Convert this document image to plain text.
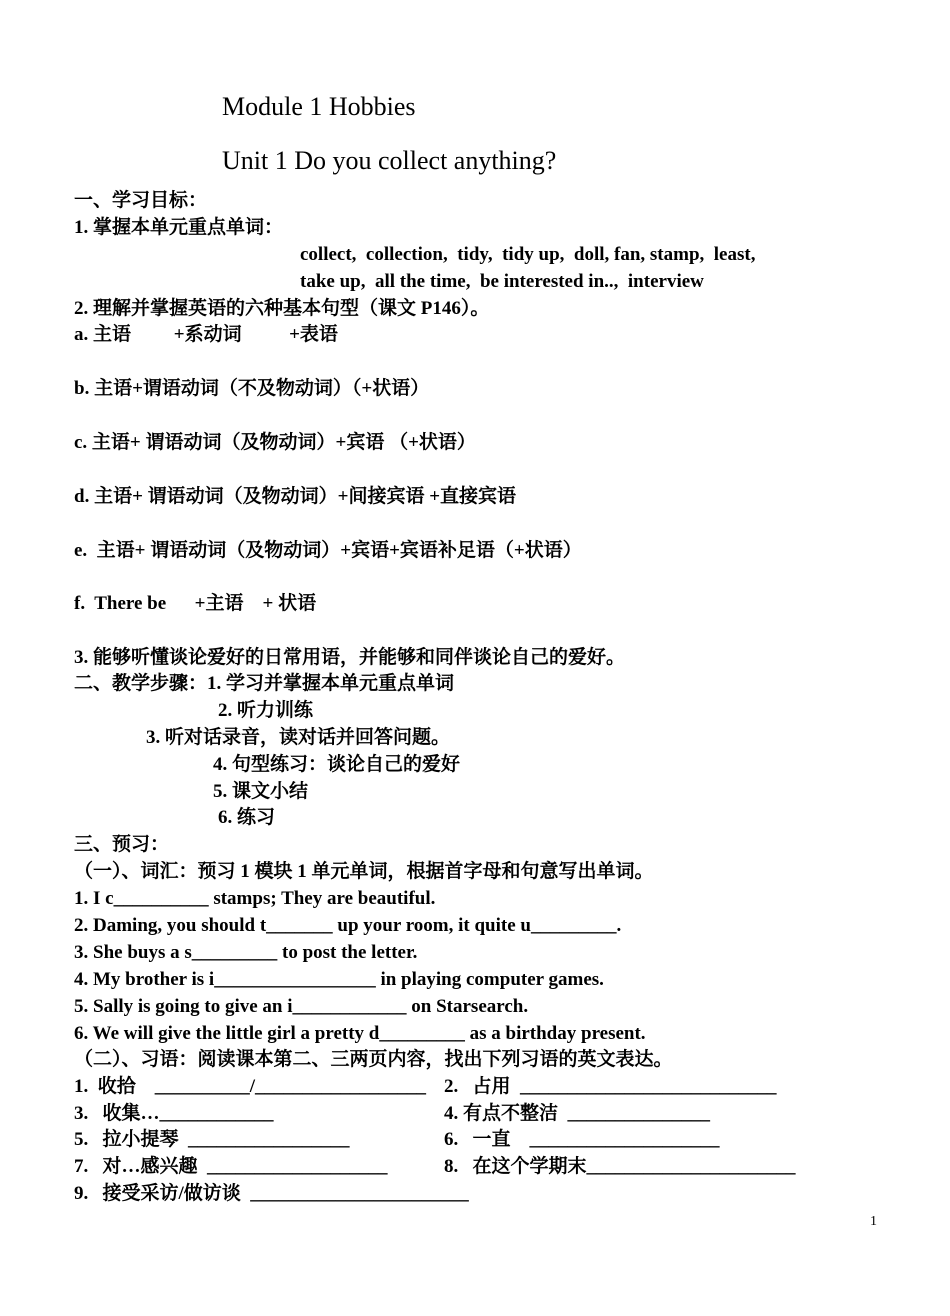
Module 1 Hobbies
Unit 1 Do you collect anything?
一、学习目标：
1. 掌握本单元重点单词：
collect,  collection,  tidy,  tidy up,  doll, fan, stamp,  least,
take up,  all the time,  be interested in..,  interview
2. 理解并掌握英语的六种基本句型（课文 P146）。
a. 主语         +系动词          +表语
b. 主语+谓语动词（不及物动词）（+状语）
c. 主语+ 谓语动词（及物动词）+宾语 （+状语）
d. 主语+ 谓语动词（及物动词）+间接宾语 +直接宾语
e.  主语+ 谓语动词（及物动词）+宾语+宾语补足语（+状语）
f.  There be      +主语    + 状语
3. 能够听懂谈论爱好的日常用语，并能够和同伴谈论自己的爱好。
二、教学步骤：1. 学习并掌握本单元重点单词
2. 听力训练
3. 听对话录音，读对话并回答问题。
4. 句型练习：谈论自己的爱好
5. 课文小结
6. 练习
三、预习：
（一）、词汇：预习 1 模块 1 单元单词，根据首字母和句意写出单词。
1. I c__________ stamps; They are beautiful.
2. Daming, you should t_______ up your room, it quite u_________.
3. She buys a s_________ to post the letter.
4. My brother is i_________________ in playing computer games.
5. Sally is going to give an i____________ on Starsearch.
6. We will give the little girl a pretty d_________ as a birthday present.
（二）、习语：阅读课本第二、三两页内容，找出下列习语的英文表达。
1.  收拾    __________/__________________ 2.   占用  ___________________________
3.   收集…____________	4. 有点不整洁  _______________
5.   拉小提琴  _________________	6.   一直    ____________________
7.   对…感兴趣  ___________________	8.   在这个学期末______________________
9.   接受采访/做访谈  _______________________
1
